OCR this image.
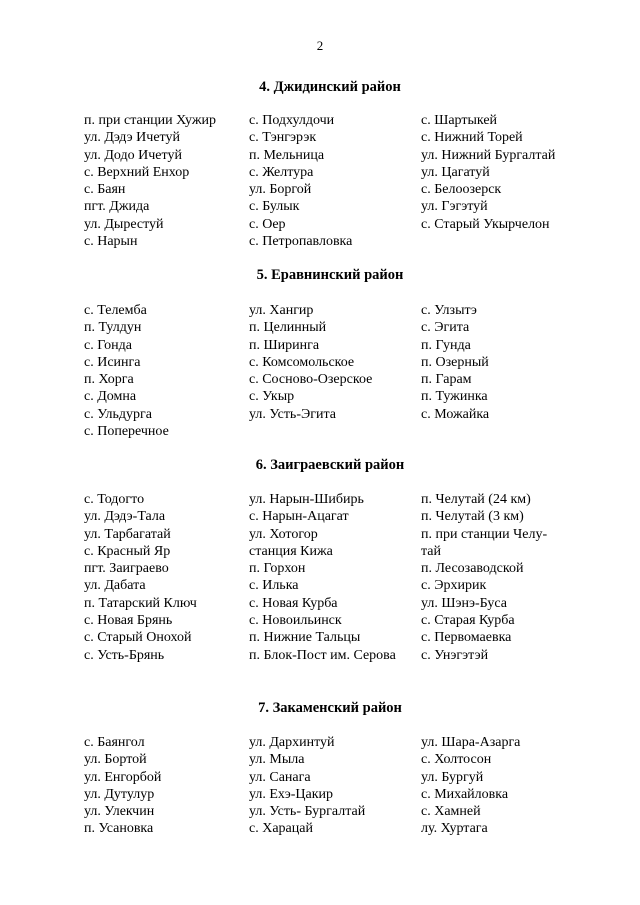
2
4. Джидинский район
п. при станции Хужир
ул. Дэдэ Ичетуй
ул. Додо Ичетуй
с. Верхний Енхор
с. Баян
пгт. Джида
ул. Дырестуй
с. Нарын
с. Подхулдочи
с. Тэнгэрэк
п. Мельница
с. Желтура
ул. Боргой
с. Булык
с. Оер
с. Петропавловка
с. Шартыкей
с. Нижний Торей
ул. Нижний Бургалтай
ул. Цагатуй
с. Белоозерск
ул. Гэгэтуй
с. Старый Укырчелон
5. Еравнинский район
с. Телемба
п. Тулдун
с. Гонда
с. Исинга
п. Хорга
с. Домна
с. Ульдурга
с. Поперечное
ул. Хангир
п. Целинный
п. Ширинга
с. Комсомольское
с. Сосново-Озерское
с. Укыр
ул. Усть-Эгита
с. Улзытэ
с. Эгита
п. Гунда
п. Озерный
п. Гарам
п. Тужинка
с. Можайка
6. Заиграевский район
с. Тодогто
ул. Дэдэ-Тала
ул. Тарбагатай
с. Красный Яр
пгт. Заиграево
ул. Дабата
п. Татарский Ключ
с. Новая Брянь
с. Старый Онохой
с. Усть-Брянь
ул. Нарын-Шибирь
с. Нарын-Ацагат
ул. Хотогор
станция Кижа
п. Горхон
с. Илька
с. Новая Курба
с. Новоильинск
п. Нижние Тальцы
п. Блок-Пост им. Серова
п. Челутай (24 км)
п. Челутай (3 км)
п. при станции Челу-
тай
п. Лесозаводской
с. Эрхирик
ул. Шэнэ-Буса
с. Старая Курба
с. Первомаевка
с. Унэгэтэй
7. Закаменский район
с. Баянгол
ул. Бортой
ул. Енгорбой
ул. Дутулур
ул. Улекчин
п. Усановка
ул. Дархинтуй
ул. Мыла
ул. Санага
ул. Ехэ-Цакир
ул. Усть- Бургалтай
с. Харацай
ул. Шара-Азарга
с. Холтосон
ул. Бургуй
с. Михайловка
с. Хамней
лу. Хуртага
